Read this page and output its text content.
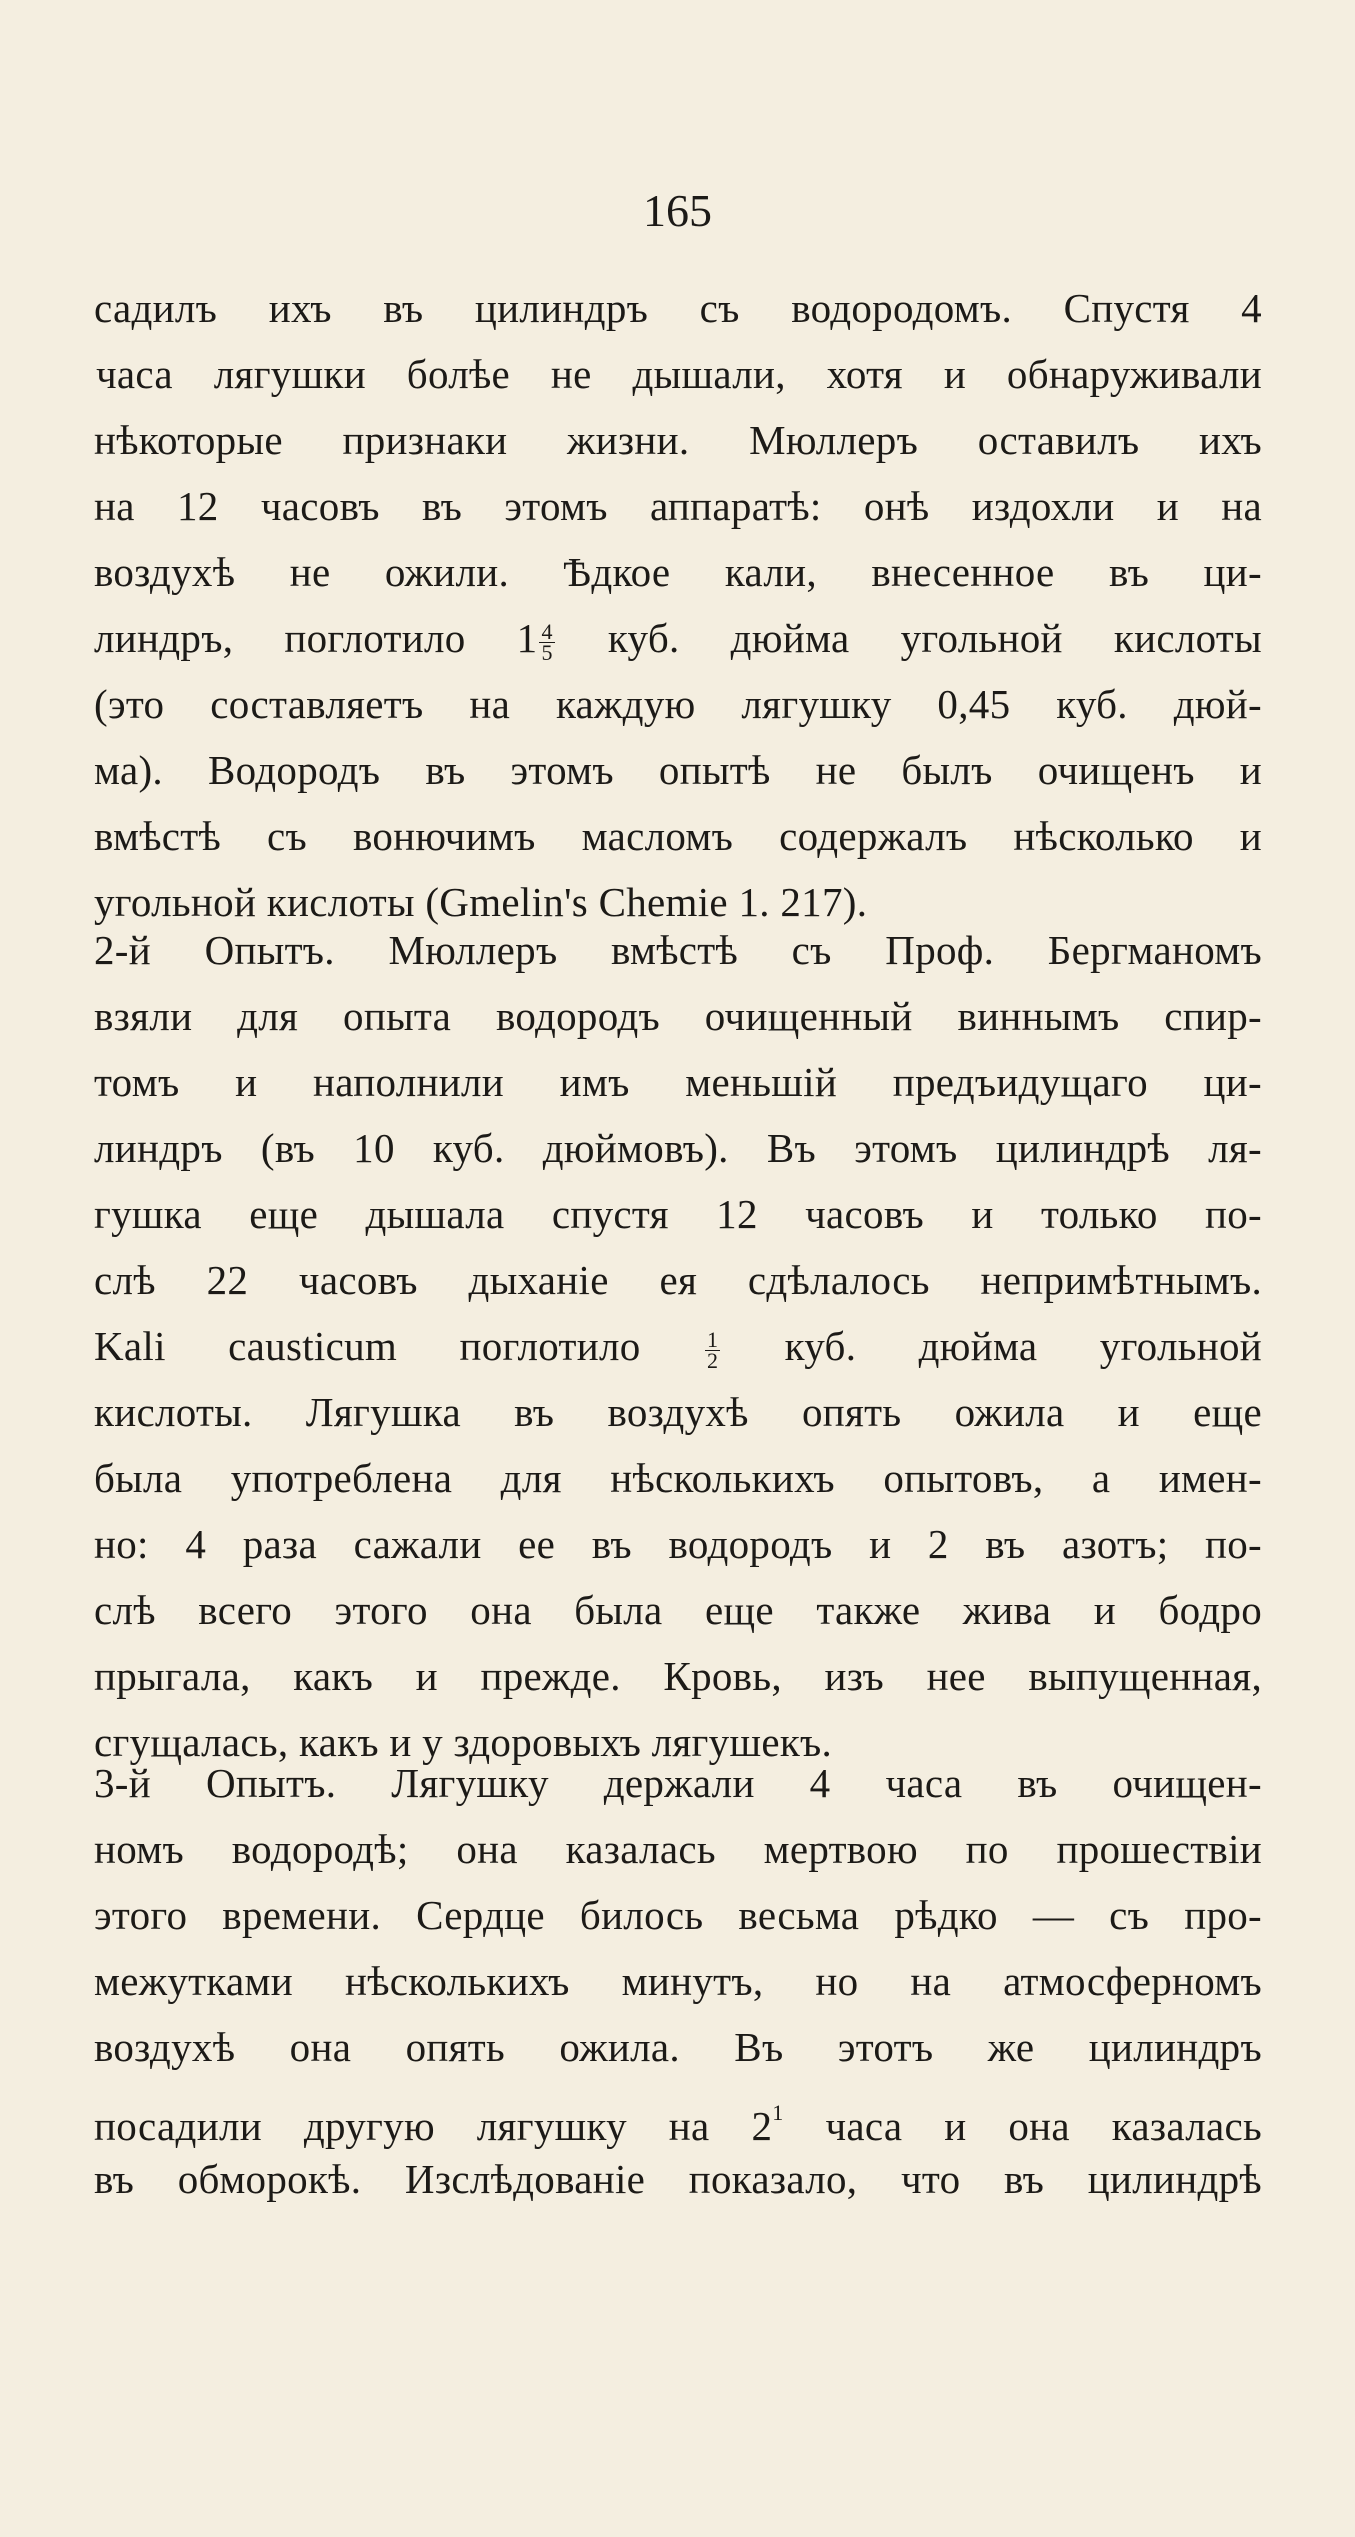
165
садилъ ихъ въ цилиндръ съ водородомъ. Спустя 4
часа лягушки болѣе не дышали, хотя и обнаруживали
нѣкоторые признаки жизни. Мюллеръ оставилъ ихъ
на 12 часовъ въ этомъ аппаратѣ: онѣ издохли и на
воздухѣ не ожили. Ѣдкое кали, внесенное въ ци-
линдръ, поглотило $1 \frac{4}{5}$ куб. дюйма угольной кислоты
(это составляетъ на каждую лягушку 0,45 куб. дюй-
ма). Водородъ въ этомъ опытѣ не былъ очищенъ и
вмѣстѣ съ вонючимъ масломъ содержалъ нѣсколько и
угольной кислоты (Gmelin's Chemie 1. 217).
2-й Опытъ. Мюллеръ вмѣстѣ съ Проф. Бергманомъ
взяли для опыта водородъ очищенный виннымъ спир-
томъ и наполнили имъ меньшій предъидущаго ци-
линдръ (въ 10 куб. дюймовъ). Въ этомъ цилиндрѣ ля-
гушка еще дышала спустя 12 часовъ и только по-
слѣ 22 часовъ дыханіе ея сдѣлалось непримѣтнымъ.
Kali causticum поглотило	$\frac{1}{2}$ куб. дюйма угольной
кислоты. Лягушка въ воздухѣ опять ожила и еще
была употреблена для нѣсколькихъ опытовъ, а имен-
но: 4 раза сажали ее въ водородъ и 2 въ азотъ; по-
слѣ всего этого она была еще также жива и бодро
прыгала, какъ и прежде. Кровь, изъ нее выпущенная,
сгущалась, какъ и у здоровыхъ лягушекъ.
3-й Опытъ. Лягушку держали 4 часа въ очищен-
номъ водородѣ; она казалась мертвою по прошествіи
этого времени. Сердце билось весьма рѣдко — съ про-
межутками нѣсколькихъ минутъ, но на атмосферномъ
воздухѣ она опять ожила. Въ этотъ же цилиндръ
посадили другую лягушку на $2^1$ часа и она казалась
въ обморокѣ. Изслѣдованіе показало, что въ цилиндрѣ
